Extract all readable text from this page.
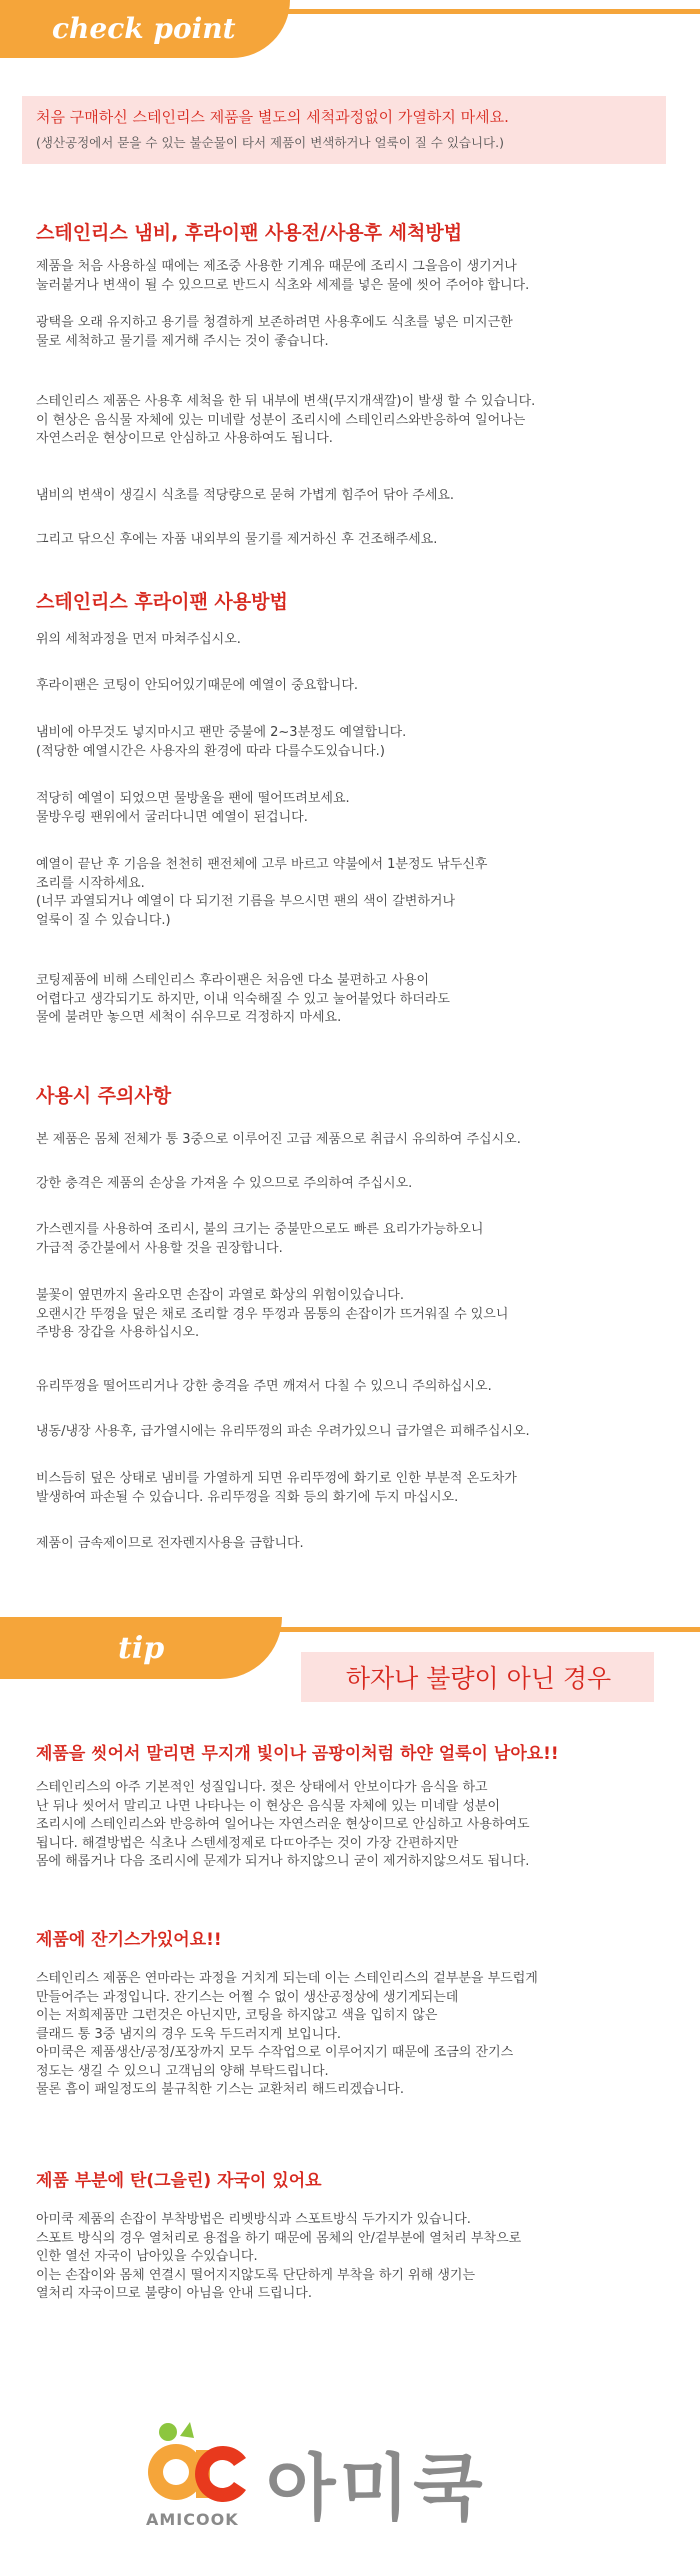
check point

처음 구매하신 스테인리스 제품을 별도의 세척과정없이 가열하지 마세요.

(생산공정에서 묻을 수 있는 불순물이 타서 제품이 변색하거나 얼룩이 질 수 있습니다.)

스테인리스 냄비, 후라이팬 사용전/사용후 세척방법

제품을 처음 사용하실 때에는 제조중 사용한 기계유 때문에 조리시 그을음이 생기거나
눌러붙거나 변색이 될 수 있으므로 반드시 식초와 세제를 넣은 물에 씻어 주어야 합니다.

광택을 오래 유지하고 용기를 청결하게 보존하려면 사용후에도 식초를 넣은 미지근한
물로 세척하고 물기를 제거해 주시는 것이 좋습니다.

스테인리스 제품은 사용후 세척을 한 뒤 내부에 변색(무지개색깔)이 발생 할 수 있습니다.
이 현상은 음식물 자체에 있는 미네랄 성분이 조리시에 스테인리스와반응하여 일어나는
자연스러운 현상이므로 안심하고 사용하여도 됩니다.

냄비의 변색이 생길시 식초를 적당량으로 묻혀 가볍게 힘주어 닦아 주세요.

그리고 닦으신 후에는 자품 내외부의 물기를 제거하신 후 건조해주세요.

스테인리스 후라이팬 사용방법

위의 세척과정을 먼저 마쳐주십시오.

후라이팬은 코팅이 안되어있기때문에 예열이 중요합니다.

냄비에 아무것도 넣지마시고 팬만 중불에 2~3분정도 예열합니다.
(적당한 예열시간은 사용자의 환경에 따라 다를수도있습니다.)

적당히 예열이 되었으면 물방울을 팬에 떨어뜨려보세요.
물방우링 팬위에서 굴러다니면 예열이 된겁니다.

예열이 끝난 후 기음을 천천히 팬전체에 고루 바르고 약불에서 1분정도 낚두신후
조리를 시작하세요.
(너무 과열되거나 예열이 다 되기전 기름을 부으시면 팬의 색이 갈변하거나
얼룩이 질 수 있습니다.)

코팅제품에 비해 스테인리스 후라이팬은 처음엔 다소 불편하고 사용이
어렵다고 생각되기도 하지만, 이내 익숙해질 수 있고 눌어붙었다 하더라도
물에 불려만 놓으면 세척이 쉬우므로 걱정하지 마세요.

사용시 주의사항

본 제품은 몸체 전체가 통 3중으로 이루어진 고급 제품으로 취급시 유의하여 주십시오.

강한 충격은 제품의 손상을 가져올 수 있으므로 주의하여 주십시오.

가스렌지를 사용하여 조리시, 불의 크기는 중불만으로도 빠른 요리가가능하오니
가급적 중간불에서 사용할 것을 권장합니다.

불꽃이 옆면까지 올라오면 손잡이 과열로 화상의 위험이있습니다.
오랜시간 뚜껑을 덮은 채로 조리할 경우 뚜껑과 몸통의 손잡이가 뜨거워질 수 있으니
주방용 장갑을 사용하십시오.

유리뚜껑을 떨어뜨리거나 강한 충격을 주면 깨져서 다칠 수 있으니 주의하십시오.

냉동/냉장 사용후, 급가열시에는 유리뚜껑의 파손 우려가있으니 급가열은 피해주십시오.

비스듬히 덮은 상태로 냄비를 가열하게 되면 유리뚜껑에 화기로 인한 부분적 온도차가
발생하여 파손될 수 있습니다. 유리뚜껑을 직화 등의 화기에 두지 마십시오.

제품이 금속제이므로 전자렌지사용을 금합니다.

tip
하자나 불량이 아닌 경우
제품을 씻어서 말리면 무지개 빛이나 곰팡이처럼 하얀 얼룩이 남아요!!

스테인리스의 아주 기본적인 성질입니다. 젖은 상태에서 안보이다가 음식을 하고
난 뒤나 씻어서 말리고 나면 나타나는 이 현상은 음식물 자체에 있는 미네랄 성분이
조리시에 스테인리스와 반응하여 일어나는 자연스러운 현상이므로 안심하고 사용하여도
됩니다. 해결방법은 식초나 스텐세정제로 다ㄸ아주는 것이 가장 간편하지만
몸에 해롭거나 다음 조리시에 문제가 되거나 하지않으니 굳이 제거하지않으셔도 됩니다.

제품에 잔기스가있어요!!

스테인리스 제품은 연마라는 과정을 거치게 되는데 이는 스테인리스의 겉부분을 부드럽게
만들어주는 과정입니다. 잔기스는 어쩔 수 없이 생산공정상에 생기게되는데
이는 저희제품만 그런것은 아닌지만, 코팅을 하지않고 색을 입히지 않은
클래드 통 3중 냄지의 경우 도욱 두드러지게 보입니다.
아미쿡은 제품생산/공정/포장까지 모두 수작업으로 이루어지기 때문에 조금의 잔기스
정도는 생길 수 있으니 고객님의 양해 부탁드립니다.
물론 흠이 패일정도의 불규칙한 기스는 교환처리 해드리겠습니다.

제품 부분에 탄(그을린) 자국이 있어요

아미쿡 제품의 손잡이 부착방법은 리벳방식과 스포트방식 두가지가 있습니다.
스포트 방식의 경우 열처리로 용접을 하기 때문에 몸체의 안/겉부분에 열처리 부착으로
인한 열선 자국이 남아있을 수있습니다.
이는 손잡이와 몸체 연결시 떨어지지않도록 단단하게 부착을 하기 위해 생기는
열처리 자국이므로 불량이 아님을 안내 드립니다.

AMICOOK 아미쿡
